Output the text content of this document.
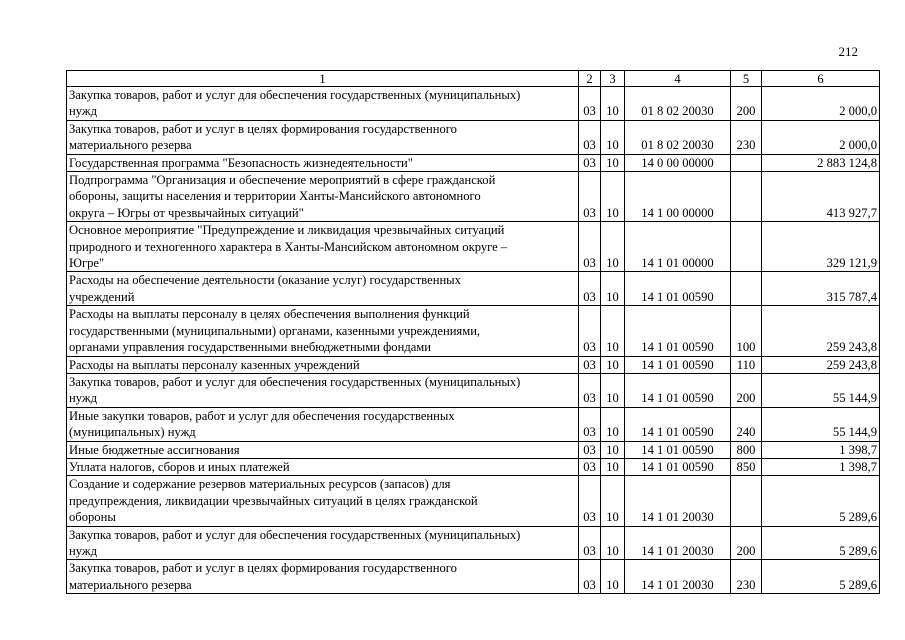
212
1	2	3	4	5	6

Закупка товаров, работ и услуг для обеспечения государственных (муниципальных)
нужд	03	10	01 8 02 20030	200	2 000,0

Закупка товаров, работ и услуг в целях формирования государственного
материального резерва	03	10	01 8 02 20030	230	2 000,0

Государственная программа "Безопасность жизнедеятельности"	03	10	14 0 00 00000		2 883 124,8

Подпрограмма "Организация и обеспечение мероприятий в сфере гражданской
обороны, защиты населения и территории Ханты-Мансийского автономного
округа – Югры от чрезвычайных ситуаций"	03	10	14 1 00 00000		413 927,7

Основное мероприятие "Предупреждение и ликвидация чрезвычайных ситуаций
природного и техногенного характера в Ханты-Мансийском автономном округе –
Югре"	03	10	14 1 01 00000		329 121,9

Расходы на обеспечение деятельности (оказание услуг) государственных
учреждений	03	10	14 1 01 00590		315 787,4

Расходы на выплаты персоналу в целях обеспечения выполнения функций
государственными (муниципальными) органами, казенными учреждениями,
органами управления государственными внебюджетными фондами	03	10	14 1 01 00590	100	259 243,8

Расходы на выплаты персоналу казенных учреждений	03	10	14 1 01 00590	110	259 243,8

Закупка товаров, работ и услуг для обеспечения государственных (муниципальных)
нужд	03	10	14 1 01 00590	200	55 144,9

Иные закупки товаров, работ и услуг для обеспечения государственных
(муниципальных) нужд	03	10	14 1 01 00590	240	55 144,9

Иные бюджетные ассигнования	03	10	14 1 01 00590	800	1 398,7

Уплата налогов, сборов и иных платежей	03	10	14 1 01 00590	850	1 398,7

Создание и содержание резервов материальных ресурсов (запасов) для
предупреждения, ликвидации чрезвычайных ситуаций в целях гражданской
обороны	03	10	14 1 01 20030		5 289,6

Закупка товаров, работ и услуг для обеспечения государственных (муниципальных)
нужд	03	10	14 1 01 20030	200	5 289,6

Закупка товаров, работ и услуг в целях формирования государственного
материального резерва	03	10	14 1 01 20030	230	5 289,6
